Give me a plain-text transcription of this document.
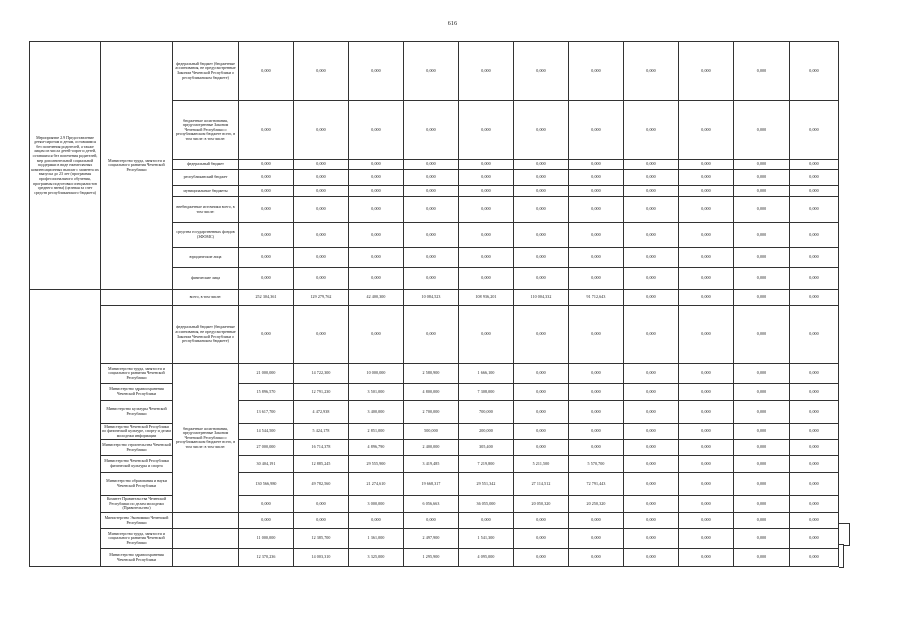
616
Мероприятие 2.9 Предоставление детям-сиротам и детям, оставшимся без попечения родителей, а также лицам из числа детей-сирот и детей, оставшихся без попечения родителей, мер дополнительной социальной поддержки в виде ежемесячных компенсационных выплат с момента их выпуска до 23 лет (программы профессионального обучения, программы подготовки специалистов среднего звена) (целевая за счет средств республиканского бюджета)	Министерство труда, занятости и социального развития Чеченской Республики	федеральный бюджет (бюджетные ассигнования, не предусмотренные Законом Чеченской Республики о республиканском бюджете)	0,000	0,000	0,000	0,000	0,000	0,000	0,000	0,000	0,000	0,000	0,000
		бюджетные ассигнования, предусмотренные Законом Чеченской Республики о республиканском бюджете всего, в том числе: в том числе:	0,000	0,000	0,000	0,000	0,000	0,000	0,000	0,000	0,000	0,000	0,000
		федеральный бюджет	0,000	0,000	0,000	0,000	0,000	0,000	0,000	0,000	0,000	0,000	0,000
		республиканский бюджет	0,000	0,000	0,000	0,000	0,000	0,000	0,000	0,000	0,000	0,000	0,000
		муниципальные бюджеты	0,000	0,000	0,000	0,000	0,000	0,000	0,000	0,000	0,000	0,000	0,000
		внебюджетные источники всего, в том числе:	0,000	0,000	0,000	0,000	0,000	0,000	0,000	0,000	0,000	0,000	0,000
		средства государственных фондов (ЗФОМС)	0,000	0,000	0,000	0,000	0,000	0,000	0,000	0,000	0,000	0,000	0,000
		юридические лица	0,000	0,000	0,000	0,000	0,000	0,000	0,000	0,000	0,000	0,000	0,000
		физические лица	0,000	0,000	0,000	0,000	0,000	0,000	0,000	0,000	0,000	0,000	0,000
		всего, в том числе:	252 304,361	129 279,762	42 400,300	10 084,523	108 936,201	110 004,332	91 712,643	0,000	0,000	0,000	0,000
		федеральный бюджет (бюджетные ассигнования, не предусмотренные Законом Чеченской Республики о республиканском бюджете)	0,000	0,000	0,000	0,000	0,000	0,000	0,000	0,000	0,000	0,000	0,000
	Министерство труда, занятости и социального развития Чеченской Республики	бюджетные ассигнования, предусмотренные Законом Чеченской Республики о республиканском бюджете всего, в том числе: в том числе:	21 000,000	14 722,300	10 000,000	2 580,900	1 666,100	0,000	0,000	0,000	0,000	0,000	0,000
	Министерство здравоохранения Чеченской Республики		15 896,570	12 791,230	3 501,000	4 800,000	7 308,000	0,000	0,000	0,000	0,000	0,000	0,000
	Министерство культуры Чеченской Республики		13 617,700	4 472,938	3 400,000	2 700,000	700,000	0,000	0,000	0,000	0,000	0,000	0,000
	Министерство Чеченской Республики по физической культуре, спорту и делам молодежи информации		14 544,500	5 424,178	2 851,000	500,000	200,000	0,000	0,000	0,000	0,000	0,000	0,000
	Министерство строительства Чеченской Республики		27 000,000	16 714,378	4 896,790	2 400,000	305,400	0,000	0,000	0,000	0,000	0,000	0,000
	Министерство Чеченской Республики физической культуры и спорта		30 404,191	12 885,245	29 555,900	3 419,485	7 219,800	5 211,500	5 570,700	0,000	0,000	0,000	0,000
	Министерство образования и науки Чеченской Республики		130 566,980	49 782,560	21 274,610	19 668,317	29 551,342	27 114,512	72 791,443	0,000	0,000	0,000	0,000
	Комитет Правительства Чеченской Республики по делам молодежи (Правительство)		0,000	0,000	3 000,000	6 056,663	36 055,000	20 050,320	20 250,320	0,000	0,000	0,000	0,000
	Министерство Экономики Чеченской Республики		0,000	0,000	0,000	0,000	0,000	0,000	0,000	0,000	0,000	0,000	0,000
	Министерство труда, занятости и социального развития Чеченской Республики		11 000,000	12 385,700	1 361,000	2 497,900	1 541,300	0,000	0,000	0,000	0,000	0,000	0,000
	Министерство здравоохранения Чеченской Республики		12 370,236	14 003,310	3 325,000	1 295,900	4 095,000	0,000	0,000	0,000	0,000	0,000	0,000
